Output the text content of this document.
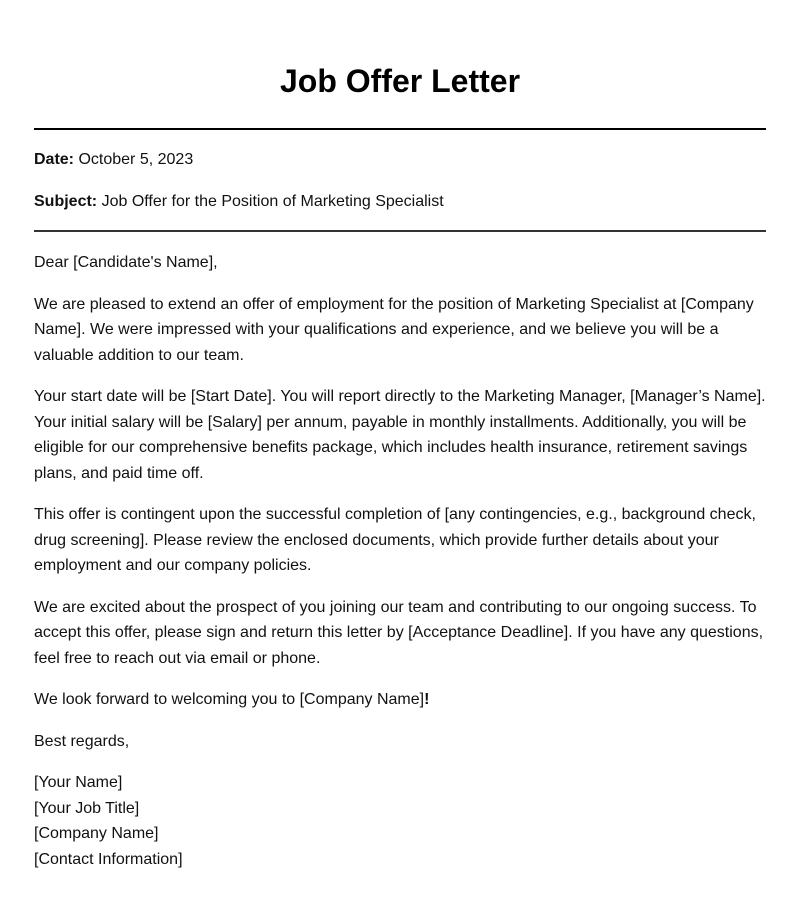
Job Offer Letter

Date: October 5, 2023

Subject: Job Offer for the Position of Marketing Specialist

Dear [Candidate's Name],

We are pleased to extend an offer of employment for the position of Marketing Specialist at [Company Name]. We were impressed with your qualifications and experience, and we believe you will be a valuable addition to our team.

Your start date will be [Start Date]. You will report directly to the Marketing Manager, [Manager’s Name]. Your initial salary will be [Salary] per annum, payable in monthly installments. Additionally, you will be eligible for our comprehensive benefits package, which includes health insurance, retirement savings plans, and paid time off.

This offer is contingent upon the successful completion of [any contingencies, e.g., background check, drug screening]. Please review the enclosed documents, which provide further details about your employment and our company policies.

We are excited about the prospect of you joining our team and contributing to our ongoing success. To accept this offer, please sign and return this letter by [Acceptance Deadline]. If you have any questions, feel free to reach out via email or phone.

We look forward to welcoming you to [Company Name]!

Best regards,

[Your Name]

[Your Job Title]

[Company Name]

[Contact Information]
